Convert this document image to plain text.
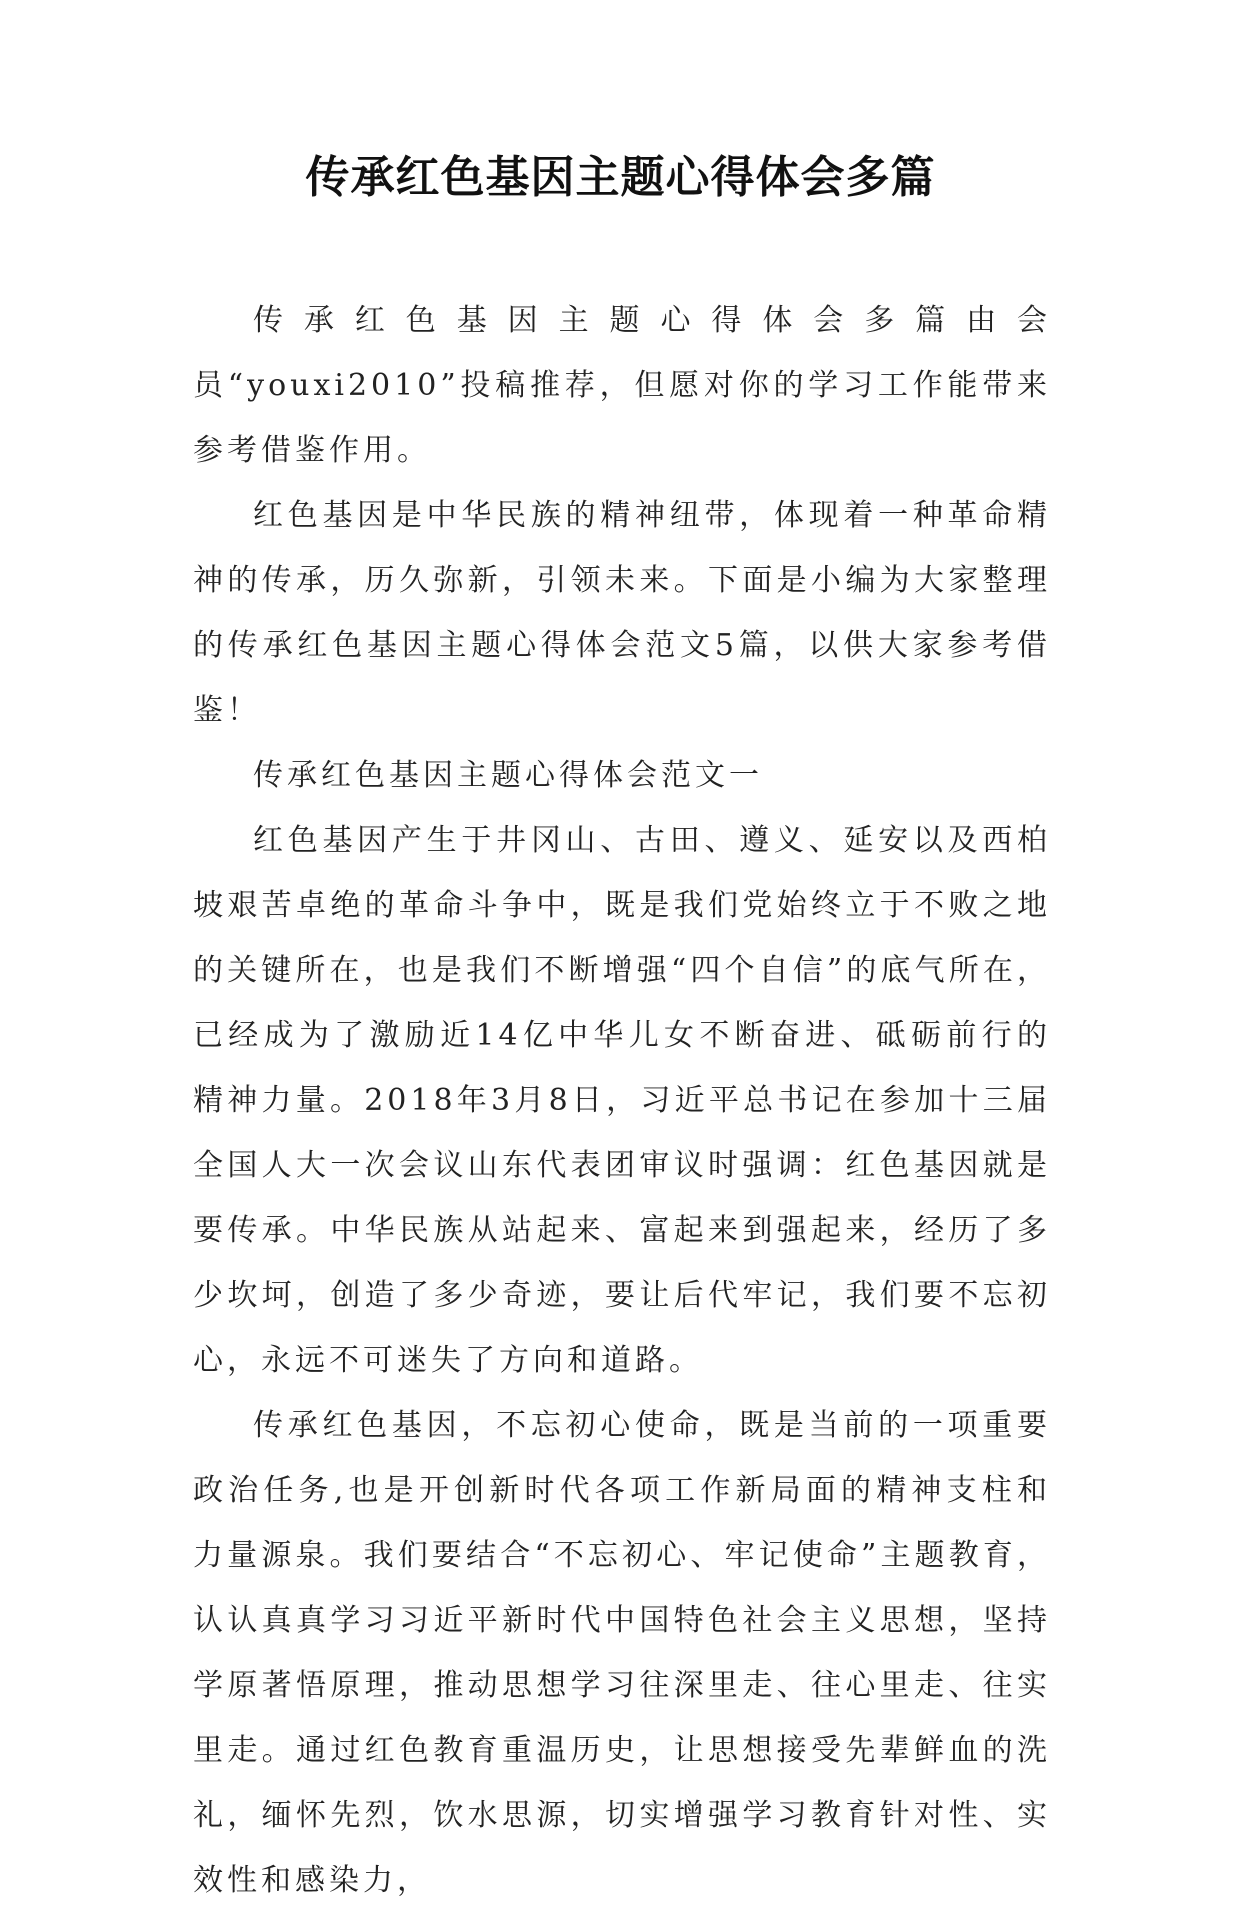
传承红色基因主题心得体会多篇

传承红色基因主题心得体会多篇由会员“youxi2010”投稿推荐，但愿对你的学习工作能带来参考借鉴作用。

红色基因是中华民族的精神纽带，体现着一种革命精神的传承，历久弥新，引领未来。下面是小编为大家整理的传承红色基因主题心得体会范文5篇，以供大家参考借鉴！

传承红色基因主题心得体会范文一

红色基因产生于井冈山、古田、遵义、延安以及西柏坡艰苦卓绝的革命斗争中，既是我们党始终立于不败之地的关键所在，也是我们不断增强“四个自信”的底气所在，已经成为了激励近14亿中华儿女不断奋进、砥砺前行的精神力量。2018年3月8日，习近平总书记在参加十三届全国人大一次会议山东代表团审议时强调：红色基因就是要传承。中华民族从站起来、富起来到强起来，经历了多少坎坷，创造了多少奇迹，要让后代牢记，我们要不忘初心，永远不可迷失了方向和道路。

传承红色基因，不忘初心使命，既是当前的一项重要政治任务,也是开创新时代各项工作新局面的精神支柱和力量源泉。我们要结合“不忘初心、牢记使命”主题教育，认认真真学习习近平新时代中国特色社会主义思想，坚持学原著悟原理，推动思想学习往深里走、往心里走、往实里走。通过红色教育重温历史，让思想接受先辈鲜血的洗礼，缅怀先烈，饮水思源，切实增强学习教育针对性、实效性和感染力，
